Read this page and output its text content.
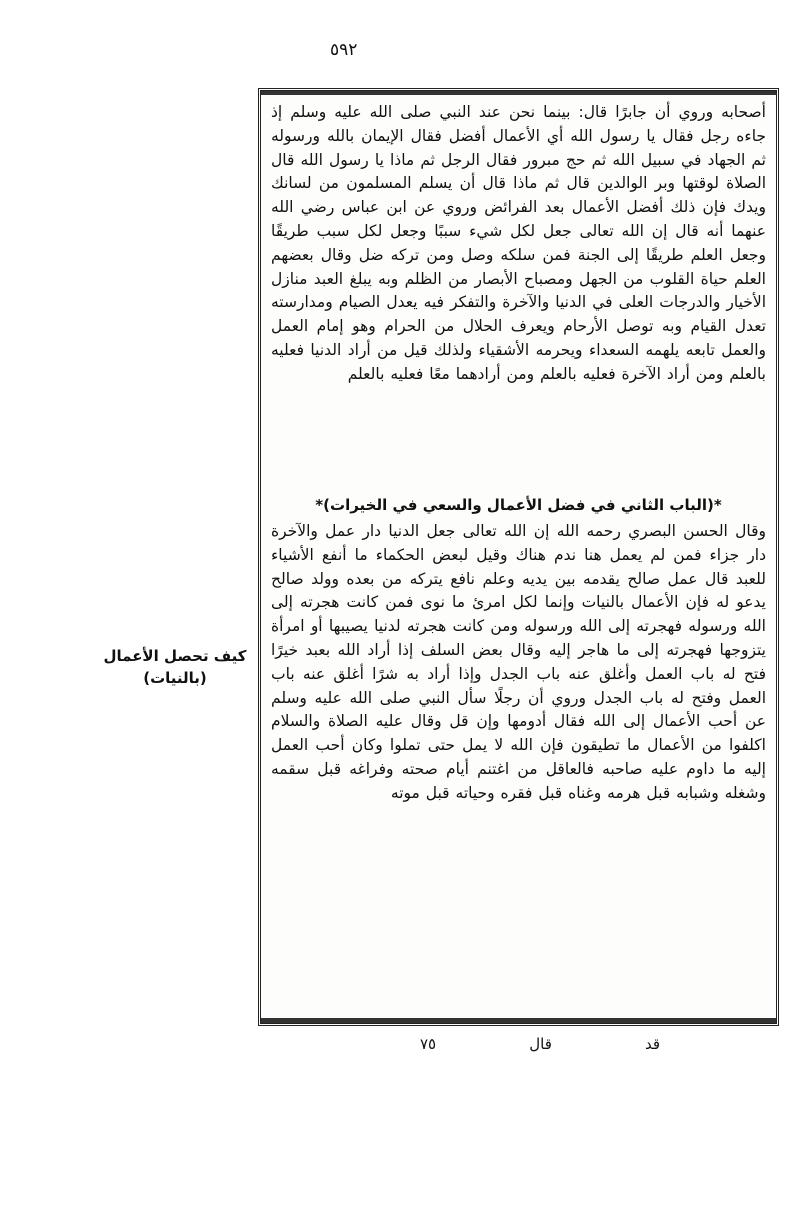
٥٩٢
كيف تحصل الأعمال
(بالنيات)

أصحابه وروي أن جابرًا قال: بينما نحن عند النبي صلى الله عليه وسلم إذ جاءه رجل فقال يا رسول الله أي الأعمال أفضل فقال الإيمان بالله ورسوله ثم الجهاد في سبيل الله ثم حج مبرور فقال الرجل ثم ماذا يا رسول الله قال الصلاة لوقتها وبر الوالدين قال ثم ماذا قال أن يسلم المسلمون من لسانك ويدك فإن ذلك أفضل الأعمال بعد الفرائض وروي عن ابن عباس رضي الله عنهما أنه قال إن الله تعالى جعل لكل شيء سببًا وجعل لكل سبب طريقًا وجعل العلم طريقًا إلى الجنة فمن سلكه وصل ومن تركه ضل وقال بعضهم العلم حياة القلوب من الجهل ومصباح الأبصار من الظلم وبه يبلغ العبد منازل الأخيار والدرجات العلى في الدنيا والآخرة والتفكر فيه يعدل الصيام ومدارسته تعدل القيام وبه توصل الأرحام ويعرف الحلال من الحرام وهو إمام العمل والعمل تابعه يلهمه السعداء ويحرمه الأشقياء ولذلك قيل من أراد الدنيا فعليه بالعلم ومن أراد الآخرة فعليه بالعلم ومن أرادهما معًا فعليه بالعلم

*(الباب الثاني في فضل الأعمال والسعي في الخيرات)*

وقال الحسن البصري رحمه الله إن الله تعالى جعل الدنيا دار عمل والآخرة دار جزاء فمن لم يعمل هنا ندم هناك وقيل لبعض الحكماء ما أنفع الأشياء للعبد قال عمل صالح يقدمه بين يديه وعلم نافع يتركه من بعده وولد صالح يدعو له فإن الأعمال بالنيات وإنما لكل امرئ ما نوى فمن كانت هجرته إلى الله ورسوله فهجرته إلى الله ورسوله ومن كانت هجرته لدنيا يصيبها أو امرأة يتزوجها فهجرته إلى ما هاجر إليه وقال بعض السلف إذا أراد الله بعبد خيرًا فتح له باب العمل وأغلق عنه باب الجدل وإذا أراد به شرًا أغلق عنه باب العمل وفتح له باب الجدل وروي أن رجلًا سأل النبي صلى الله عليه وسلم عن أحب الأعمال إلى الله فقال أدومها وإن قل وقال عليه الصلاة والسلام اكلفوا من الأعمال ما تطيقون فإن الله لا يمل حتى تملوا وكان أحب العمل إليه ما داوم عليه صاحبه فالعاقل من اغتنم أيام صحته وفراغه قبل سقمه وشغله وشبابه قبل هرمه وغناه قبل فقره وحياته قبل موته

قد
قال
٧٥
